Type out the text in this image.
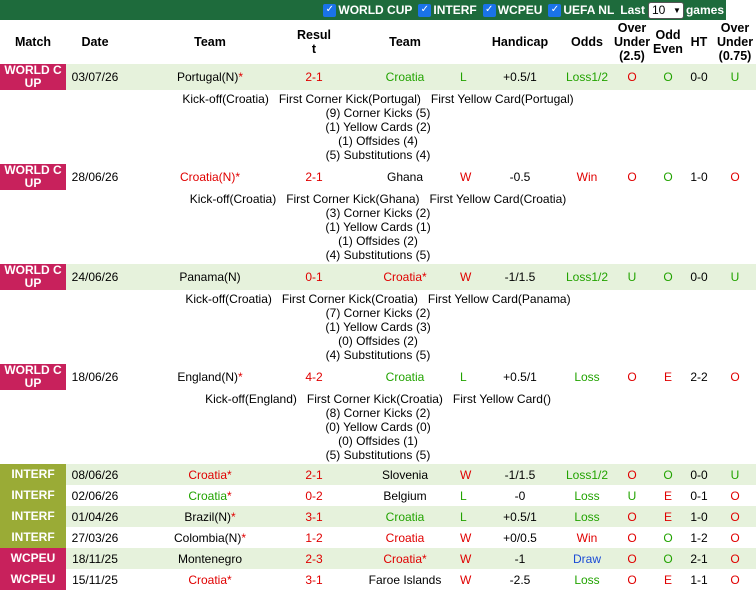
✓ WORLD CUP ✓ INTERF ✓ WCPEU ✓ UEFA NL Last 10 ▼ games
Match	Date	Team	Resul t	Team	Handicap	Odds	Over Under (2.5)	Odd Even	HT	Over Under (0.75)
WORLD CUP	03/07/26	Portugal(N)*	2-1	Croatia	L +0.5/1	Loss1/2	O	O	0-0	U

Kick-off(Croatia)   First Corner Kick(Portugal)   First Yellow Card(Portugal)
(9) Corner Kicks (5)
(1) Yellow Cards (2)
(1) Offsides (4)
(5) Substitutions (4)										

WORLD CUP	28/06/26	Croatia(N)*	2-1	Ghana	W -0.5	Win	O	O	1-0	O

Kick-off(Croatia)   First Corner Kick(Ghana)   First Yellow Card(Croatia)
(3) Corner Kicks (2)
(1) Yellow Cards (1)
(1) Offsides (2)
(4) Substitutions (5)										

WORLD CUP	24/06/26	Panama(N)	0-1	Croatia*	W -1/1.5	Loss1/2	U	O	0-0	U

Kick-off(Croatia)   First Corner Kick(Croatia)   First Yellow Card(Panama)
(7) Corner Kicks (2)
(1) Yellow Cards (3)
(0) Offsides (2)
(4) Substitutions (5)										

WORLD CUP	18/06/26	England(N)*	4-2	Croatia	L +0.5/1	Loss	O	E	2-2	O

Kick-off(England)   First Corner Kick(Croatia)   First Yellow Card()
(8) Corner Kicks (2)
(0) Yellow Cards (0)
(0) Offsides (1)
(5) Substitutions (5)										

INTERF	08/06/26	Croatia*	2-1	Slovenia	W -1/1.5	Loss1/2	O	O	0-0	U
INTERF	02/06/26	Croatia*	0-2	Belgium	L -0	Loss	U	E	0-1	O
INTERF	01/04/26	Brazil(N)*	3-1	Croatia	L +0.5/1	Loss	O	E	1-0	O
INTERF	27/03/26	Colombia(N)*	1-2	Croatia	W +0/0.5	Win	O	O	1-2	O
WCPEU	18/11/25	Montenegro	2-3	Croatia*	W -1	Draw	O	O	2-1	O
WCPEU	15/11/25	Croatia*	3-1	Faroe Islands	W -2.5	Loss	O	E	1-1	O
